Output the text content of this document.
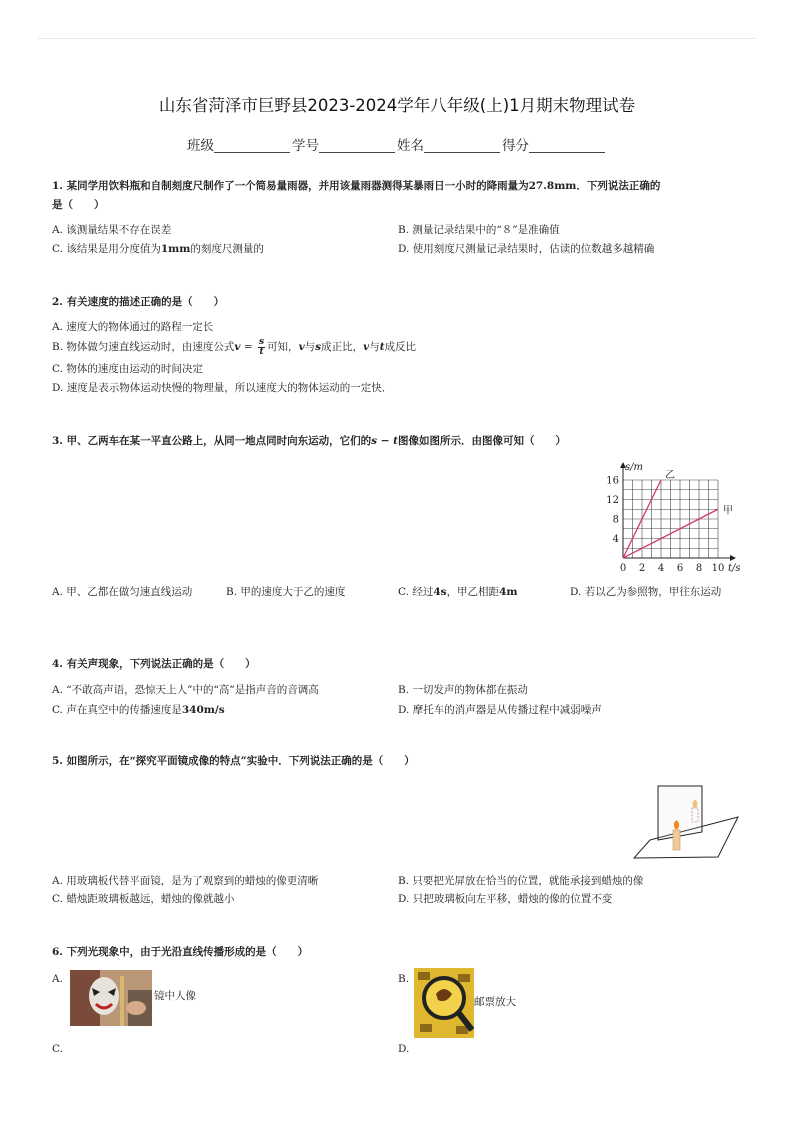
山东省菏泽市巨野县2023-2024学年八年级(上)1月期末物理试卷
班级	学号	姓名	得分
1. 某同学用饮料瓶和自制刻度尺制作了一个简易量雨器，并用该量雨器测得某暴雨日一小时的降雨量为27.8mm．下列说法正确的
是（　　）
A. 该测量结果不存在误差	B. 测量记录结果中的“８”是准确值
C. 该结果是用分度值为1mm的刻度尺测量的	D. 使用刻度尺测量记录结果时，估读的位数越多越精确
2. 有关速度的描述正确的是（　　）
A. 速度大的物体通过的路程一定长
B. 物体做匀速直线运动时，由速度公式$v = \frac{s}{t}$ 可知，v与s成正比，v与t成反比
C. 物体的速度由运动的时间决定
D. 速度是表示物体运动快慢的物理量，所以速度大的物体运动的一定快．
3. 甲、乙两车在某一平直公路上，从同一地点同时向东运动，它们的s − t图像如图所示．由图像可知（　　）
0 2 4 6 8 10
4
8
12
16
s/m
t/s
乙
甲
A. 甲、乙都在做匀速直线运动	B. 甲的速度大于乙的速度	C. 经过4s，甲乙相距4m	D. 若以乙为参照物，甲往东运动
4. 有关声现象，下列说法正确的是（　　）
A. “不敢高声语，恐惊天上人”中的“高”是指声音的音调高	B. 一切发声的物体都在振动
C. 声在真空中的传播速度是340m/s	D. 摩托车的消声器是从传播过程中减弱噪声
5. 如图所示，在“探究平面镜成像的特点”实验中．下列说法正确的是（　　）
A. 用玻璃板代替平面镜，是为了观察到的蜡烛的像更清晰	B. 只要把光屏放在恰当的位置，就能承接到蜡烛的像
C. 蜡烛距玻璃板越远，蜡烛的像就越小	D. 只把玻璃板向左平移，蜡烛的像的位置不变
6. 下列光现象中，由于光沿直线传播形成的是（　　）
A.
镜中人像
B.
邮票放大
C.	D.
